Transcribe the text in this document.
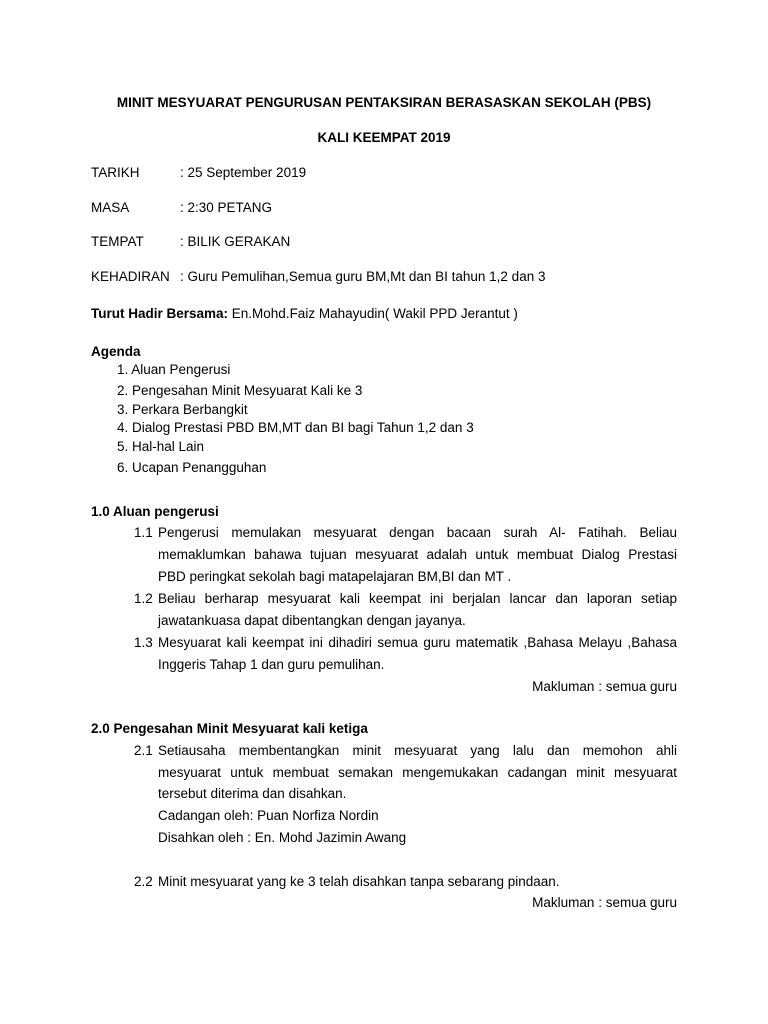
MINIT MESYUARAT PENGURUSAN PENTAKSIRAN BERASASKAN SEKOLAH (PBS)
KALI KEEMPAT 2019
TARIKH	: 25 September 2019
MASA	: 2:30 PETANG
TEMPAT	: BILIK GERAKAN
KEHADIRAN : Guru Pemulihan,Semua guru BM,Mt dan BI tahun 1,2 dan 3
Turut Hadir Bersama: En.Mohd.Faiz Mahayudin( Wakil PPD Jerantut )
Agenda
1. Aluan Pengerusi
2. Pengesahan Minit Mesyuarat Kali ke 3
3. Perkara Berbangkit
4. Dialog Prestasi PBD BM,MT dan BI bagi Tahun 1,2 dan 3
5. Hal-hal Lain
6. Ucapan Penangguhan
1.0 Aluan pengerusi
1.1 Pengerusi memulakan mesyuarat dengan bacaan surah Al- Fatihah. Beliau
memaklumkan bahawa tujuan mesyuarat adalah untuk membuat Dialog Prestasi
PBD peringkat sekolah bagi matapelajaran BM,BI dan MT .
1.2 Beliau berharap mesyuarat kali keempat ini berjalan lancar dan laporan setiap
jawatankuasa dapat dibentangkan dengan jayanya.
1.3 Mesyuarat kali keempat ini dihadiri semua guru matematik ,Bahasa Melayu ,Bahasa
Inggeris Tahap 1 dan guru pemulihan.
Makluman : semua guru
2.0 Pengesahan Minit Mesyuarat kali ketiga
2.1 Setiausaha membentangkan minit mesyuarat yang lalu dan memohon ahli
mesyuarat untuk membuat semakan mengemukakan cadangan minit mesyuarat
tersebut diterima dan disahkan.
Cadangan oleh: Puan Norfiza Nordin
Disahkan oleh : En. Mohd Jazimin Awang
2.2 Minit mesyuarat yang ke 3 telah disahkan tanpa sebarang pindaan.
Makluman : semua guru
